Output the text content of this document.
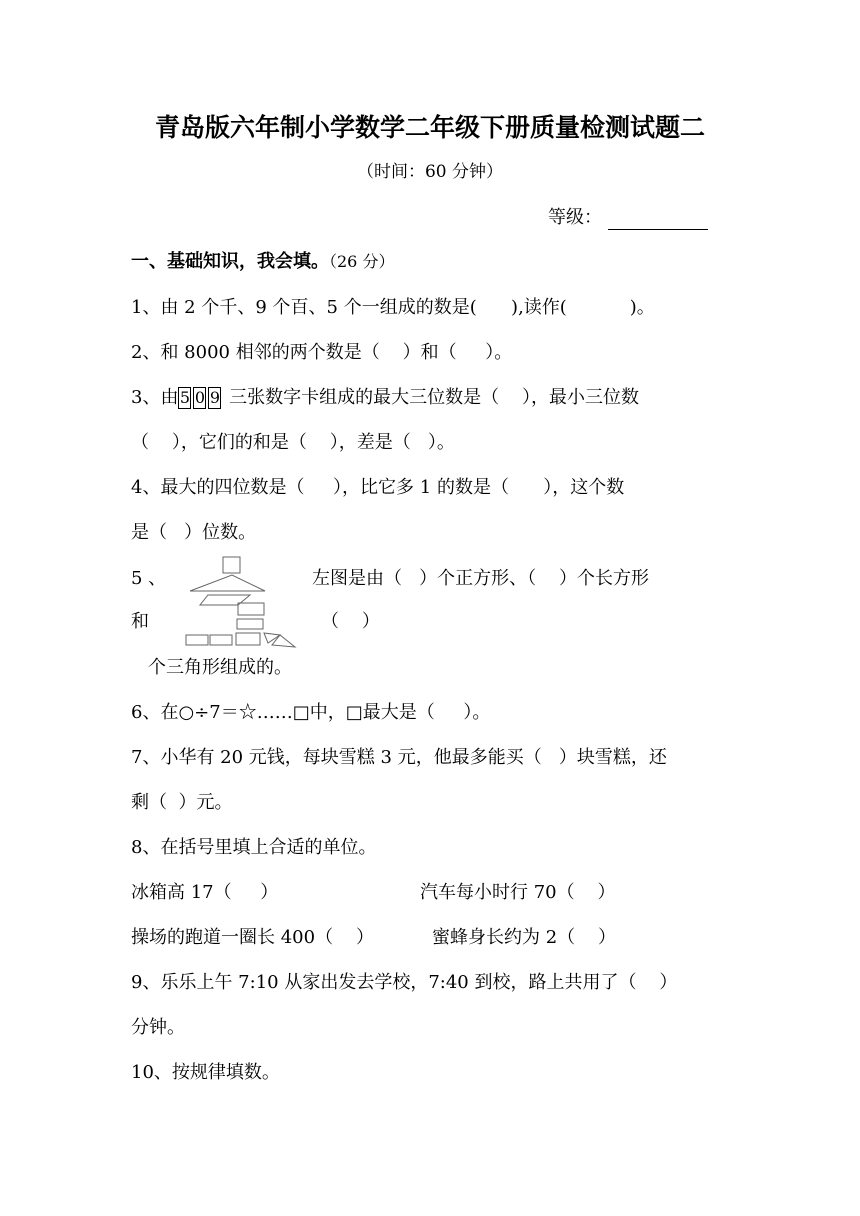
青岛版六年制小学数学二年级下册质量检测试题二
（时间：60 分钟）
等级：
一、基础知识，我会填。（26 分）
1、由 2 个千、9 个百、5 个一组成的数是(      ),读作(           )。
2、和 8000 相邻的两个数是（    ）和（     ）。
3、由5 0 9 三张数字卡组成的最大三位数是（    ），最小三位数
（    ），它们的和是（    ），差是（   ）。
4、最大的四位数是（     ），比它多 1 的数是（      ），这个数
是（   ）位数。
5 、	左图是由（   ）个正方形、（    ）个长方形
和	（    ）
个三角形组成的。
6、在○÷7＝☆……□中，□最大是（     ）。
7、小华有 20 元钱，每块雪糕 3 元，他最多能买（   ）块雪糕，还
剩（  ）元。
8、在括号里填上合适的单位。
冰箱高 17（     ）	汽车每小时行 70（    ）
操场的跑道一圈长 400（    ）	蜜蜂身长约为 2（    ）
9、乐乐上午 7:10 从家出发去学校，7:40 到校，路上共用了（    ）
分钟。
10、按规律填数。
